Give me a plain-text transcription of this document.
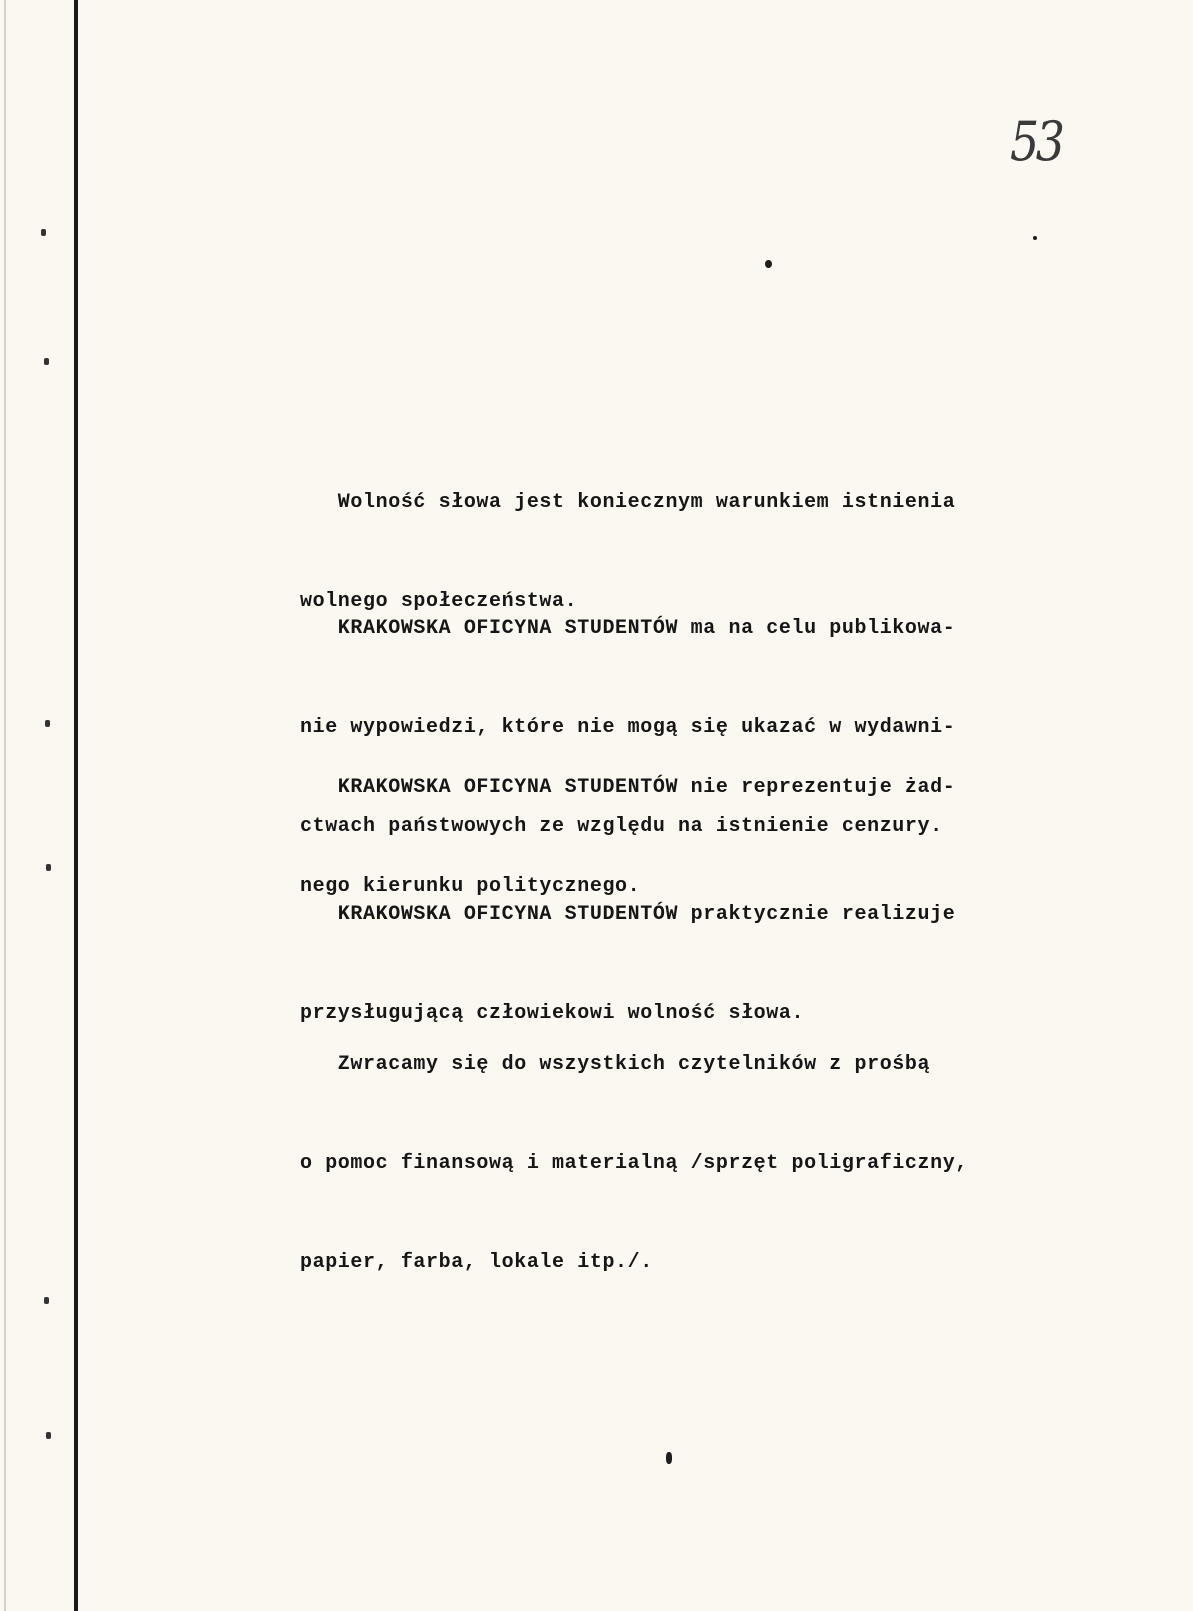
53

Wolność słowa jest koniecznym warunkiem istnienia

wolnego społeczeństwa.

KRAKOWSKA OFICYNA STUDENTÓW ma na celu publikowa-

nie wypowiedzi, które nie mogą się ukazać w wydawni-

ctwach państwowych ze względu na istnienie cenzury.

KRAKOWSKA OFICYNA STUDENTÓW nie reprezentuje żad-

nego kierunku politycznego.

KRAKOWSKA OFICYNA STUDENTÓW praktycznie realizuje

przysługującą człowiekowi wolność słowa.

Zwracamy się do wszystkich czytelników z prośbą

o pomoc finansową i materialną /sprzęt poligraficzny,

papier, farba, lokale itp./.
